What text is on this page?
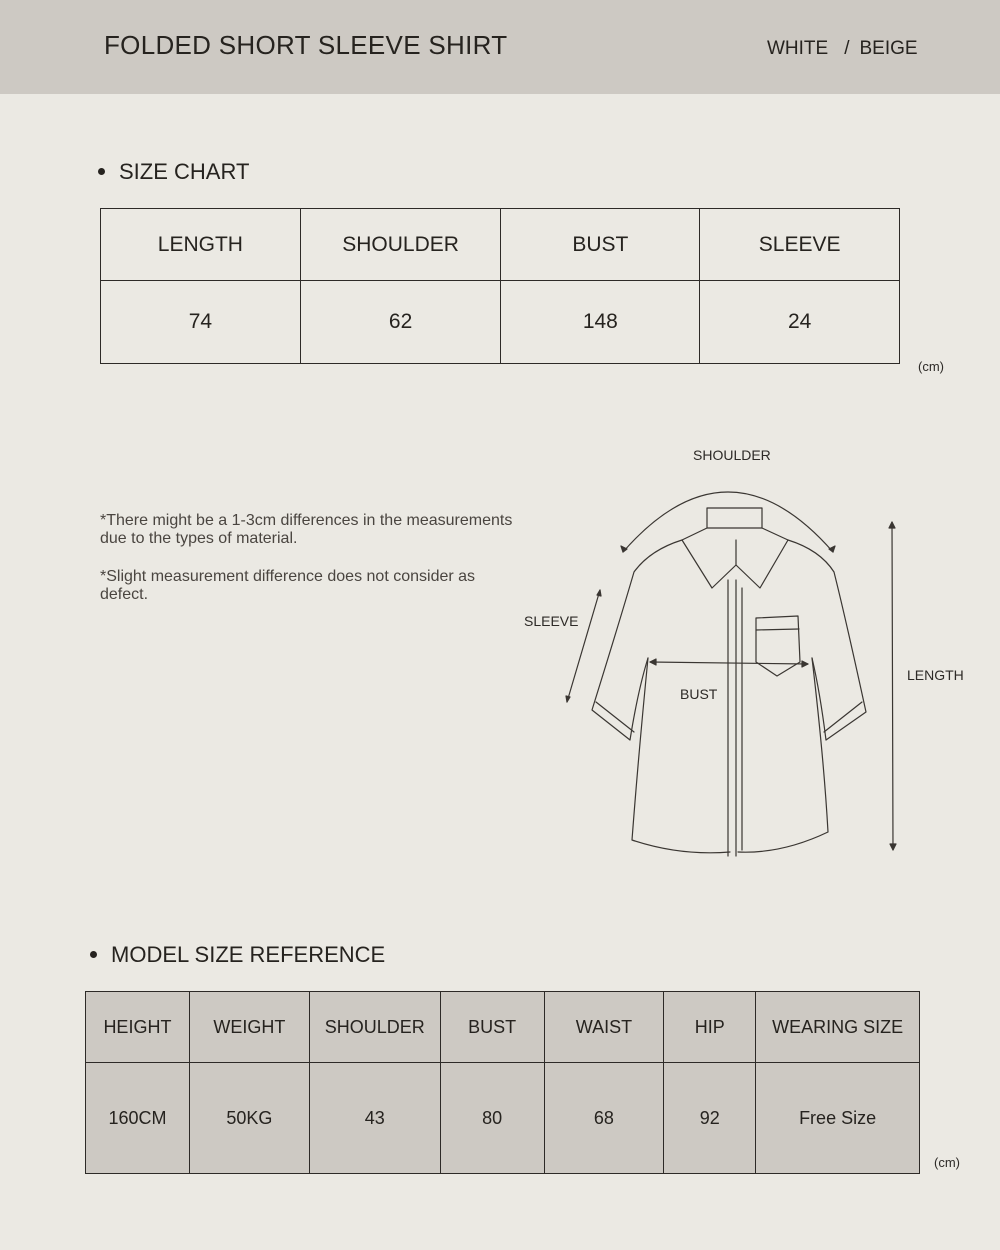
FOLDED SHORT SLEEVE SHIRT	WHITE / BEIGE
SIZE CHART
LENGTH	SHOULDER	BUST	SLEEVE
74	62	148	24
(cm)
*There might be a 1-3cm differences in the measurements due to the types of material.
*Slight measurement difference does not consider as defect.
SHOULDER
SLEEVE
BUST
LENGTH
MODEL SIZE REFERENCE
HEIGHT	WEIGHT	SHOULDER	BUST	WAIST	HIP	WEARING SIZE
160CM	50KG	43	80	68	92	Free Size
(cm)
